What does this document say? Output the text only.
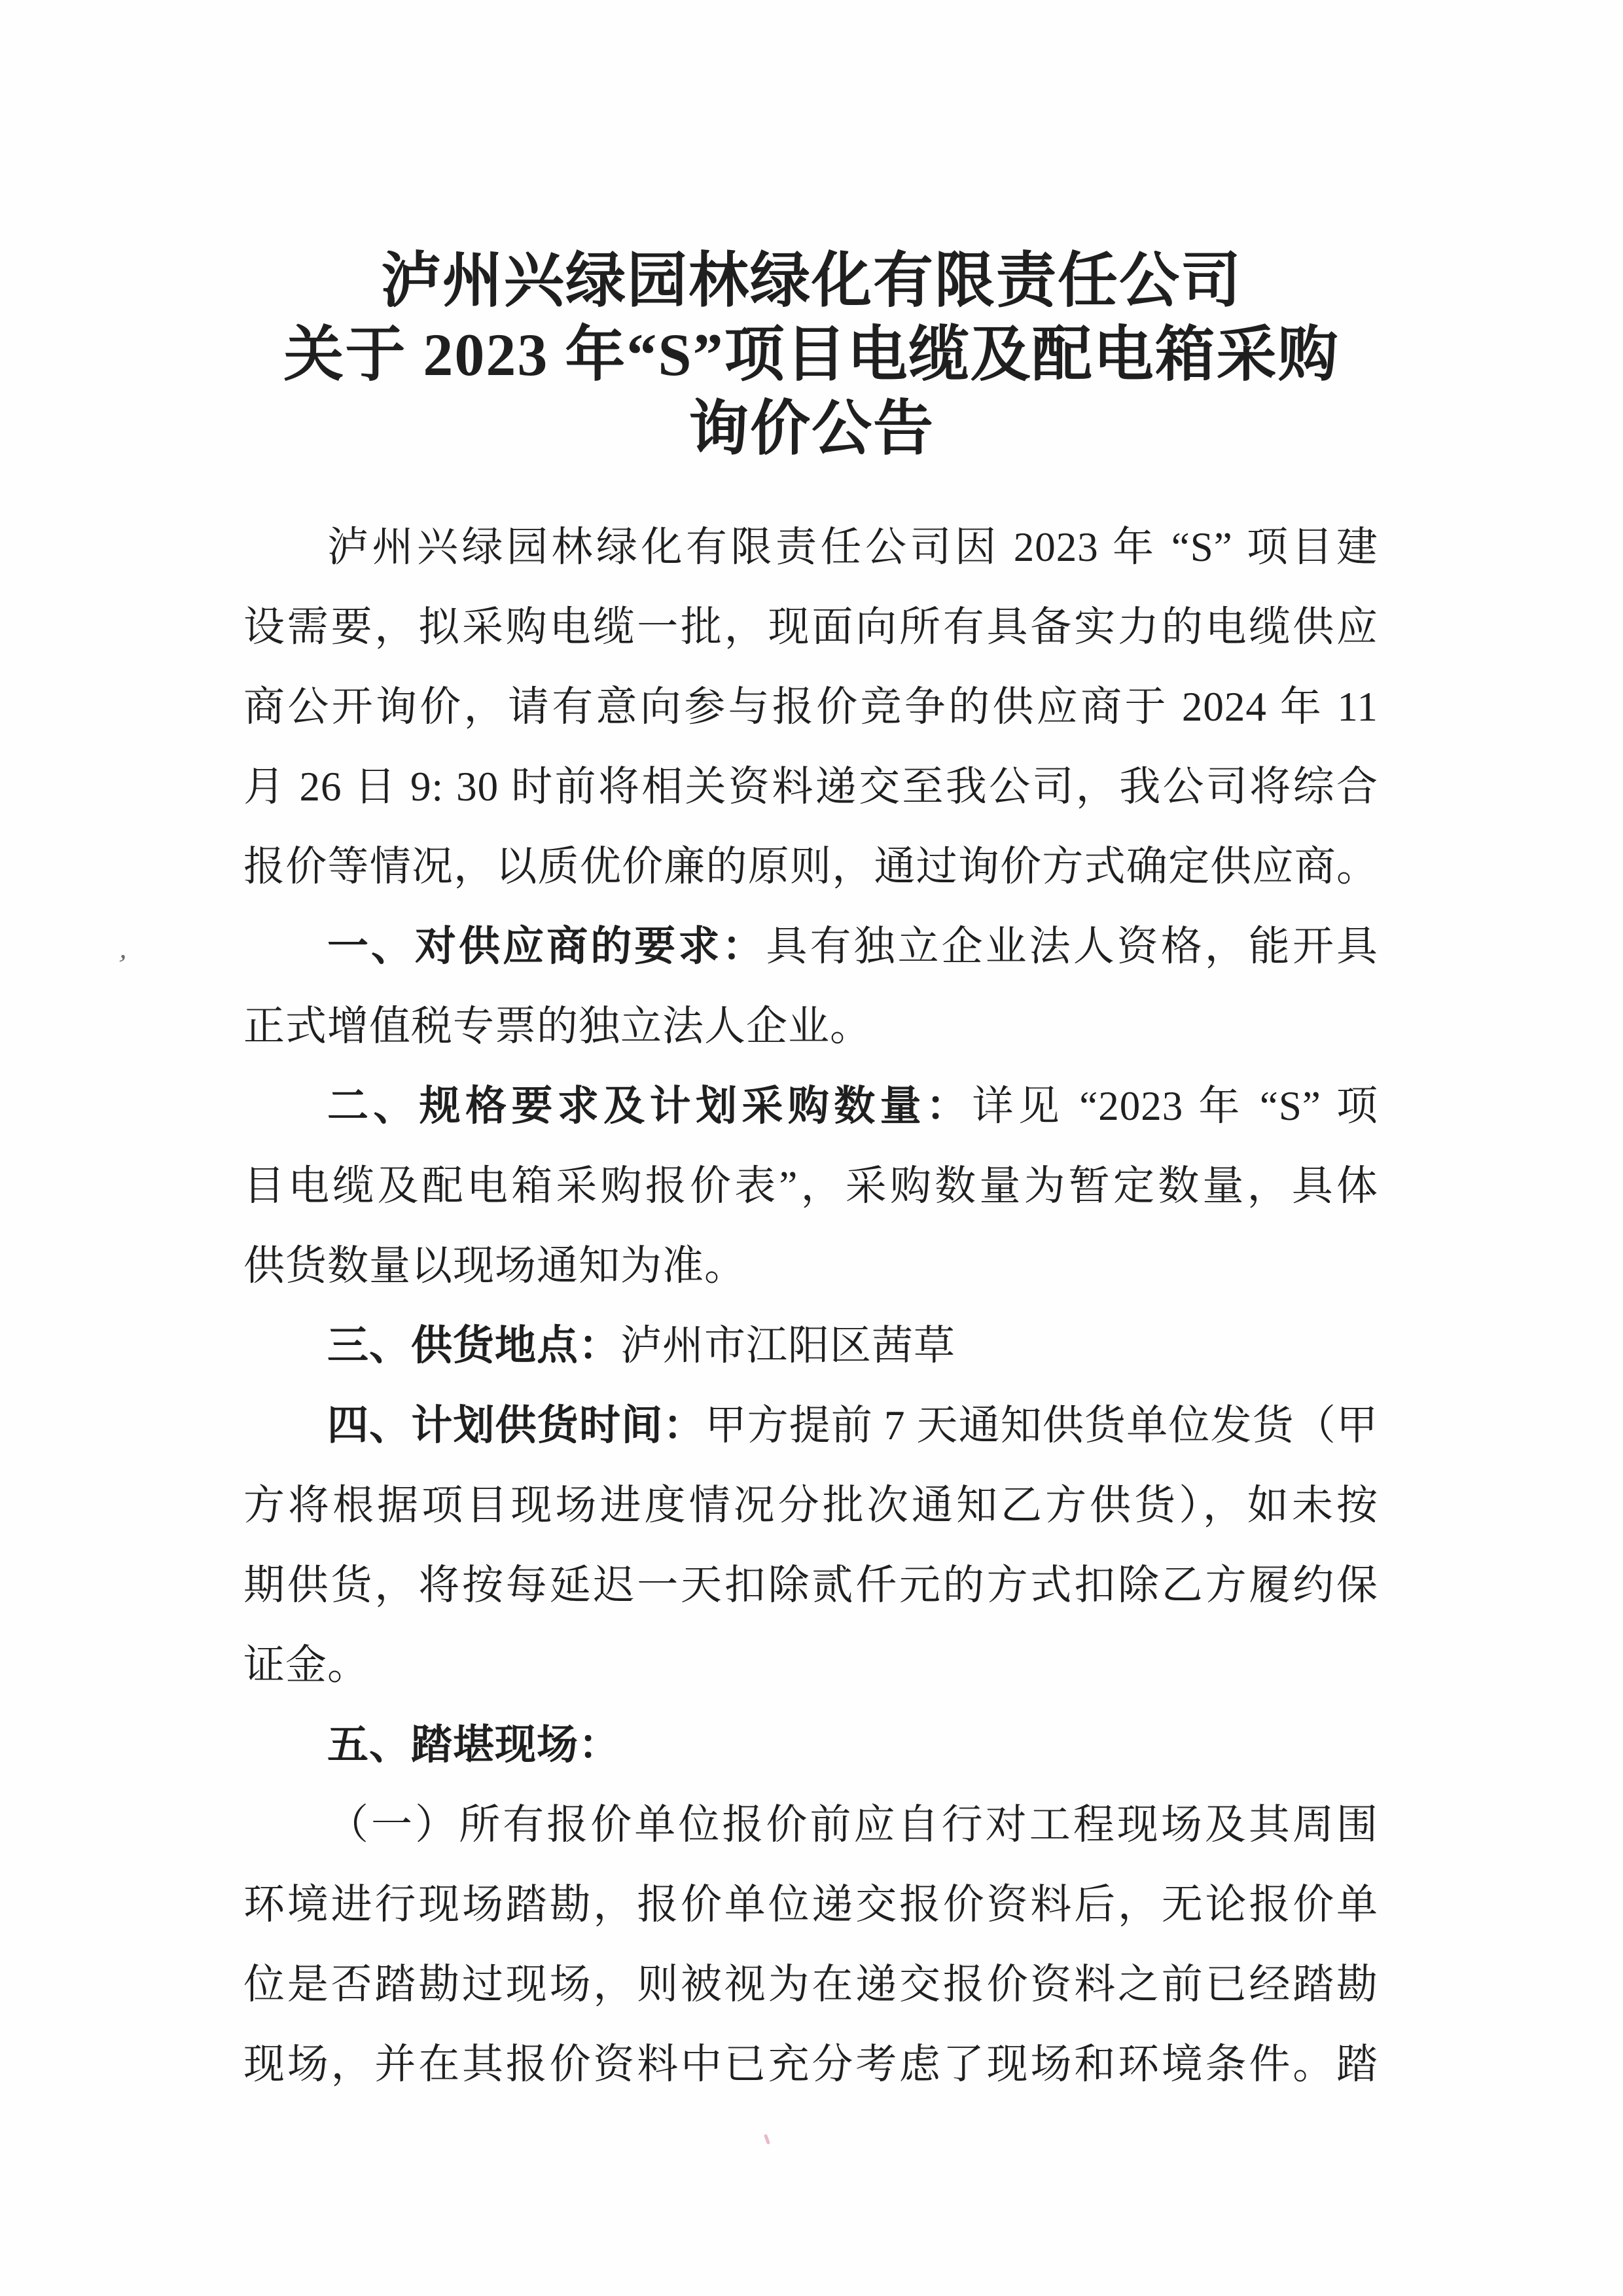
泸州兴绿园林绿化有限责任公司
关于 2023 年“S”项目电缆及配电箱采购
询价公告
泸州兴绿园林绿化有限责任公司因 2023 年 “S” 项目建
设需要，拟采购电缆一批，现面向所有具备实力的电缆供应
商公开询价，请有意向参与报价竞争的供应商于 2024 年 11
月 26 日 9: 30 时前将相关资料递交至我公司，我公司将综合
报价等情况，以质优价廉的原则，通过询价方式确定供应商。
一、对供应商的要求：具有独立企业法人资格，能开具
正式增值税专票的独立法人企业。
二、规格要求及计划采购数量：详见 “2023 年 “S” 项
目电缆及配电箱采购报价表”，采购数量为暂定数量，具体
供货数量以现场通知为准。
三、供货地点：泸州市江阳区茜草
四、计划供货时间：甲方提前 7 天通知供货单位发货（甲
方将根据项目现场进度情况分批次通知乙方供货），如未按
期供货，将按每延迟一天扣除贰仟元的方式扣除乙方履约保
证金。
五、踏堪现场：
（一）所有报价单位报价前应自行对工程现场及其周围
环境进行现场踏勘，报价单位递交报价资料后，无论报价单
位是否踏勘过现场，则被视为在递交报价资料之前已经踏勘
现场，并在其报价资料中已充分考虑了现场和环境条件。踏
’
